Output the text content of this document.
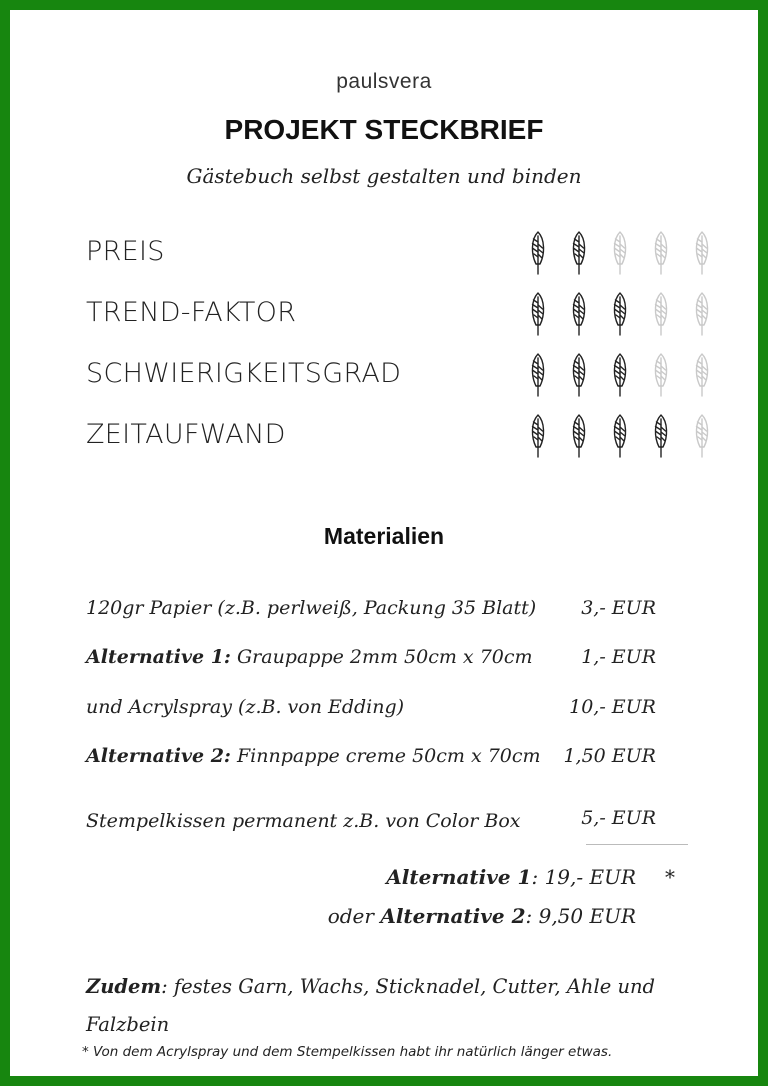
paulsvera
PROJEKT STECKBRIEF
Gästebuch selbst gestalten und binden
PREIS
TREND-FAKTOR
SCHWIERIGKEITSGRAD
ZEITAUFWAND
Materialien
120gr Papier (z.B. perlweiß, Packung 35 Blatt) 3,- EUR
Alternative 1: Graupappe 2mm 50cm x 70cm	1,- EUR
und Acrylspray (z.B. von Edding)	10,- EUR
Alternative 2: Finnpappe creme 50cm x 70cm 1,50 EUR
Stempelkissen permanent z.B. von Color Box	5,- EUR
Alternative 1: 19,- EUR *
oder Alternative 2: 9,50 EUR
Zudem: festes Garn, Wachs, Sticknadel, Cutter, Ahle und Falzbein
* Von dem Acrylspray und dem Stempelkissen habt ihr natürlich länger etwas.
